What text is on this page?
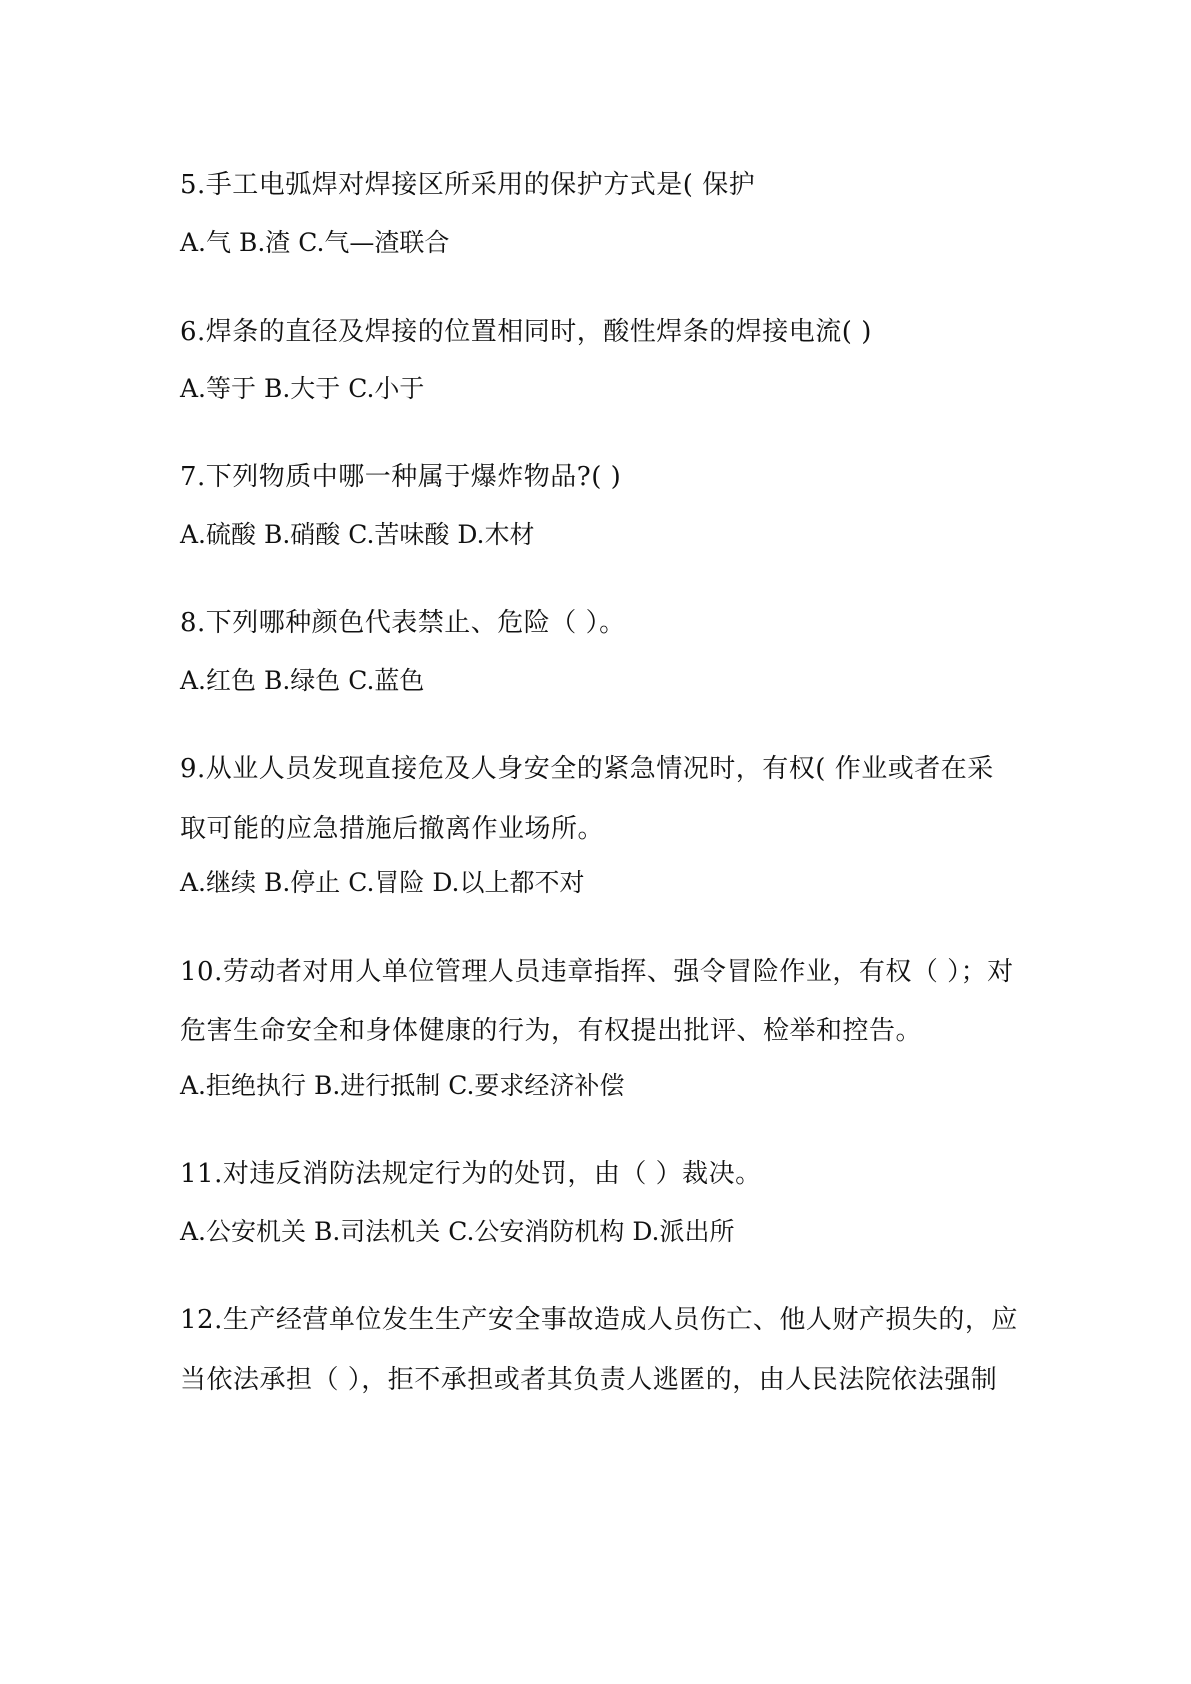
5.手工电弧焊对焊接区所采用的保护方式是( 保护
A.气 B.渣 C.气—渣联合
6.焊条的直径及焊接的位置相同时，酸性焊条的焊接电流( )
A.等于 B.大于 C.小于
7.下列物质中哪一种属于爆炸物品?( )
A.硫酸 B.硝酸 C.苦味酸 D.木材
8.下列哪种颜色代表禁止、危险（ ）。
A.红色 B.绿色 C.蓝色
9.从业人员发现直接危及人身安全的紧急情况时，有权( 作业或者在采
取可能的应急措施后撤离作业场所。
A.继续 B.停止 C.冒险 D.以上都不对
10.劳动者对用人单位管理人员违章指挥、强令冒险作业，有权（ ）；对
危害生命安全和身体健康的行为，有权提出批评、检举和控告。
A.拒绝执行 B.进行抵制 C.要求经济补偿
11.对违反消防法规定行为的处罚，由（ ）裁决。
A.公安机关 B.司法机关 C.公安消防机构 D.派出所
12.生产经营单位发生生产安全事故造成人员伤亡、他人财产损失的，应
当依法承担（ ），拒不承担或者其负责人逃匿的，由人民法院依法强制
